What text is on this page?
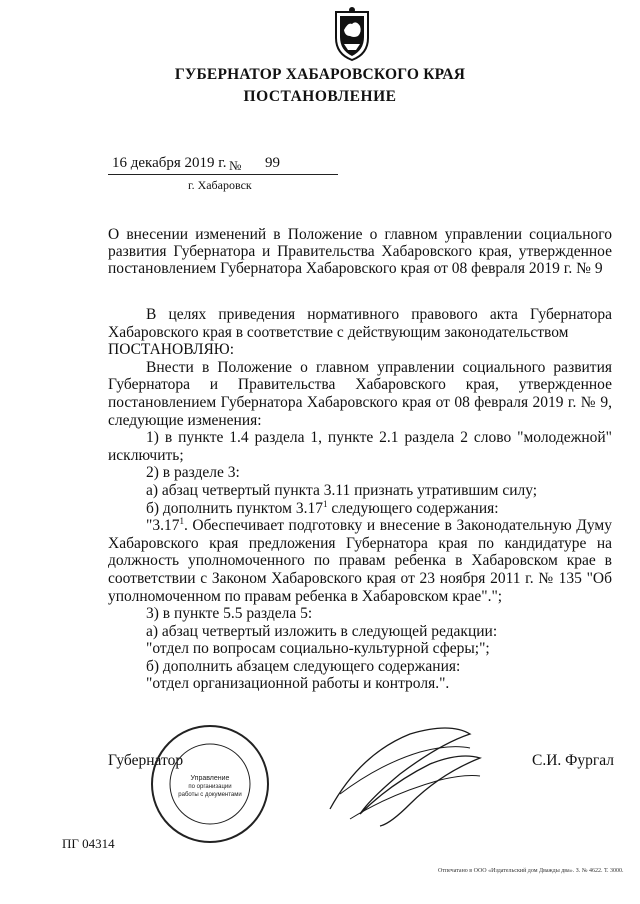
ГУБЕРНАТОР ХАБАРОВСКОГО КРАЯ
ПОСТАНОВЛЕНИЕ
16 декабря 2019 г. № 99
г. Хабаровск
О внесении изменений в Положение о главном управлении социального развития Губернатора и Правительства Хабаровского края, утвержденное постановлением Губернатора Хабаровского края от 08 февраля 2019 г. № 9

В целях приведения нормативного правового акта Губернатора Хабаровского края в соответствие с действующим законодательством

ПОСТАНОВЛЯЮ:

Внести в Положение о главном управлении социального развития Губернатора и Правительства Хабаровского края, утвержденное постановлением Губернатора Хабаровского края от 08 февраля 2019 г. № 9, следующие изменения:

1) в пункте 1.4 раздела 1, пункте 2.1 раздела 2 слово "молодежной" исключить;

2) в разделе 3:

а) абзац четвертый пункта 3.11 признать утратившим силу;

б) дополнить пунктом 3.17$^1$ следующего содержания:

"3.17$^1$. Обеспечивает подготовку и внесение в Законодательную Думу Хабаровского края предложения Губернатора края по кандидатуре на должность уполномоченного по правам ребенка в Хабаровском крае в соответствии с Законом Хабаровского края от 23 ноября 2011 г. № 135 "Об уполномоченном по правам ребенка в Хабаровском крае".";

3) в пункте 5.5 раздела 5:

а) абзац четвертый изложить в следующей редакции:

"отдел по вопросам социально-культурной сферы;";

б) дополнить абзацем следующего содержания:

"отдел организационной работы и контроля.".

Губернатор
Управление
по организации
работы с документами
С.И. Фургал
ПГ 04314
Отпечатано в ООО «Издательский дом Дважды два». З. № 4622. Т. 3000.
